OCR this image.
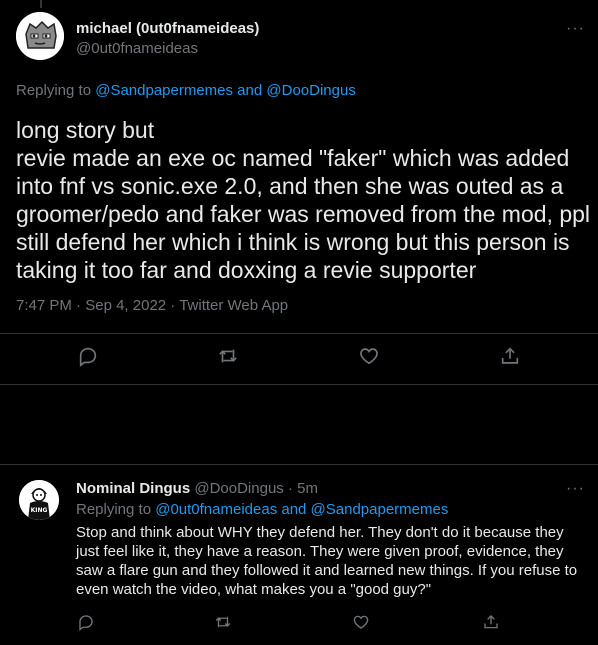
michael (0ut0fnameideas)
@0ut0fnameideas
···
Replying to @Sandpapermemes and @DooDingus
long story but
revie made an exe oc named "faker" which was added into fnf vs sonic.exe 2.0, and then she was outed as a groomer/pedo and faker was removed from the mod, ppl still defend her which i think is wrong but this person is taking it too far and doxxing a revie supporter
7:47 PM · Sep 4, 2022 · Twitter Web App
KING
Nominal Dingus @DooDingus · 5m	···
Replying to @0ut0fnameideas and @Sandpapermemes
Stop and think about WHY they defend her. They don't do it because they just feel like it, they have a reason. They were given proof, evidence, they saw a flare gun and they followed it and learned new things. If you refuse to even watch the video, what makes you a "good guy?"
